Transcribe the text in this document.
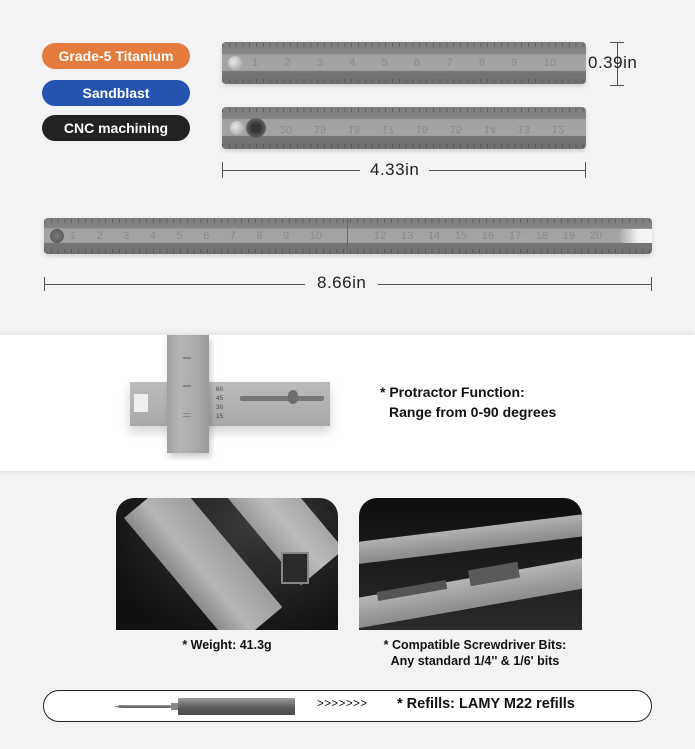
Grade-5 Titanium
Sandblast
CNC machining
1 2 3 4 5 6 7 8 9 10 0.39in
20 19 18 17 16 15 14 13 12
4.33in
1 2 3 4 5 6 7 8 9 10	12 13 14 15 16 17 18 19 20
8.66in
60
45
30
15
* Protractor Function:
Range from 0-90 degrees
* Weight: 41.3g	* Compatible Screwdriver Bits:
Any standard 1/4'' & 1/6' bits
>>>>>>> * Refills: LAMY M22 refills
